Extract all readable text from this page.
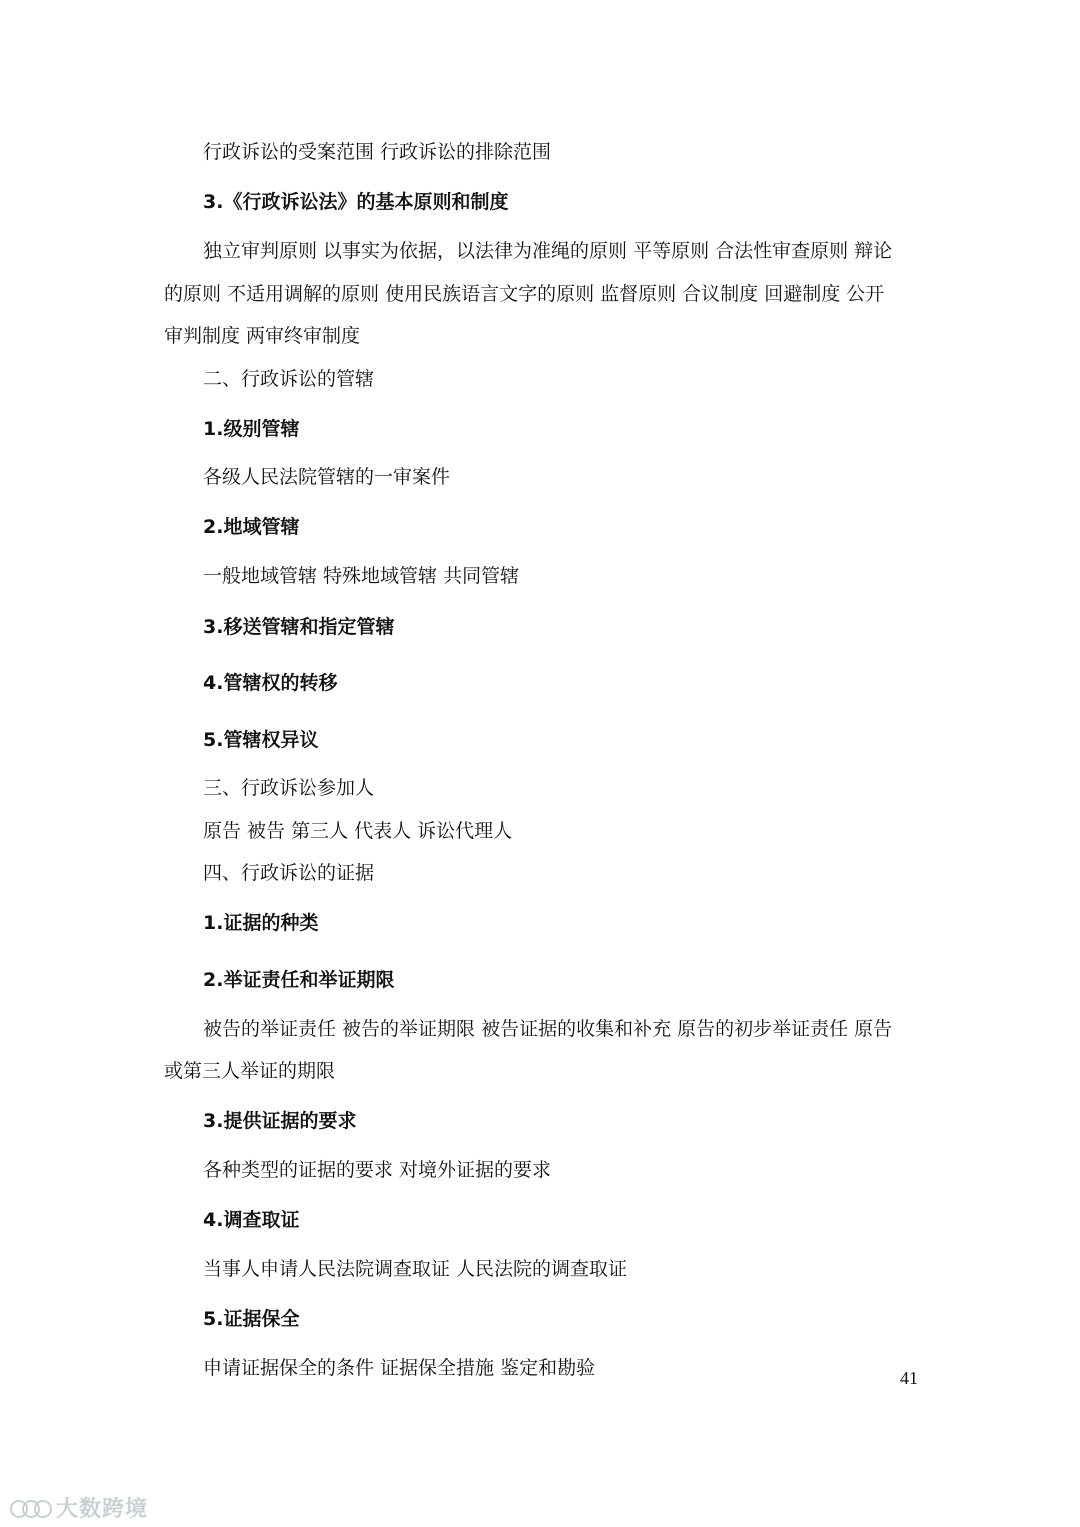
行政诉讼的受案范围 行政诉讼的排除范围
3.《行政诉讼法》的基本原则和制度
独立审判原则 以事实为依据，以法律为准绳的原则 平等原则 合法性审查原则 辩论
的原则 不适用调解的原则 使用民族语言文字的原则 监督原则 合议制度 回避制度 公开
审判制度 两审终审制度
二、行政诉讼的管辖
1.级别管辖
各级人民法院管辖的一审案件
2.地域管辖
一般地域管辖 特殊地域管辖 共同管辖
3.移送管辖和指定管辖
4.管辖权的转移
5.管辖权异议
三、行政诉讼参加人
原告 被告 第三人 代表人 诉讼代理人
四、行政诉讼的证据
1.证据的种类
2.举证责任和举证期限
被告的举证责任 被告的举证期限 被告证据的收集和补充 原告的初步举证责任 原告
或第三人举证的期限
3.提供证据的要求
各种类型的证据的要求 对境外证据的要求
4.调查取证
当事人申请人民法院调查取证 人民法院的调查取证
5.证据保全
申请证据保全的条件 证据保全措施 鉴定和勘验	41
大数跨境
